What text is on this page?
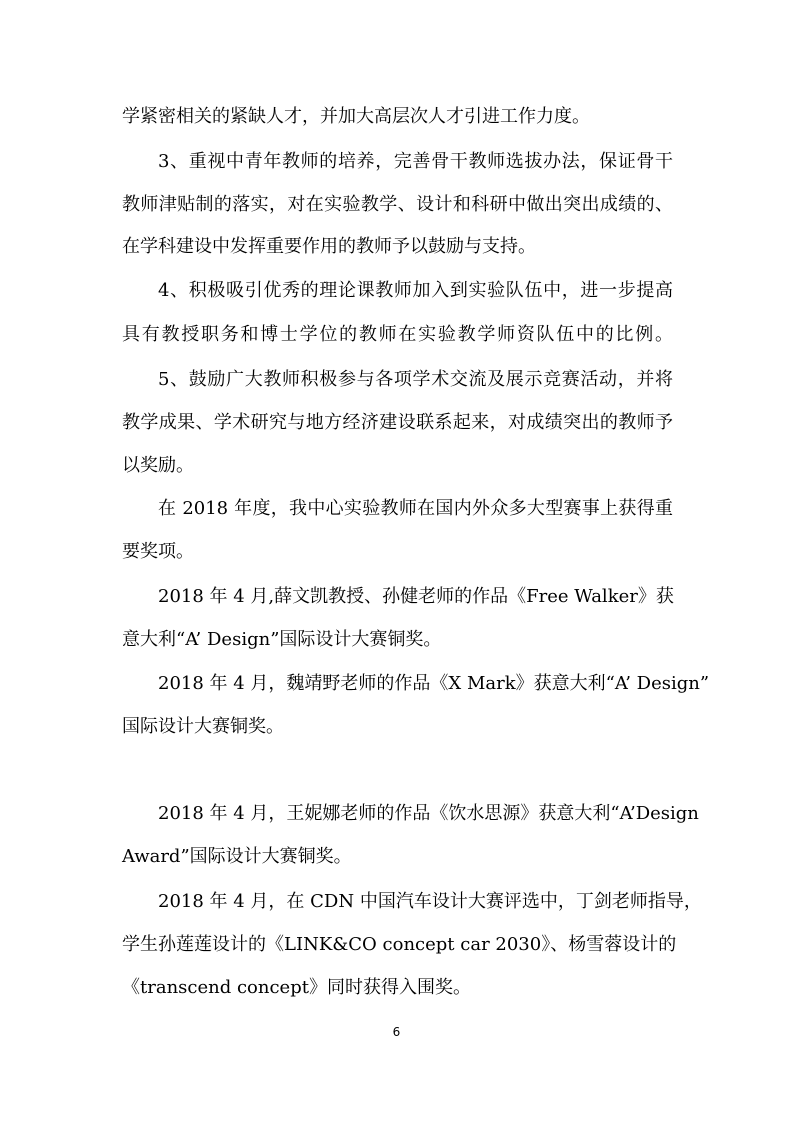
学紧密相关的紧缺人才，并加大高层次人才引进工作力度。
3、重视中青年教师的培养，完善骨干教师选拔办法，保证骨干
教师津贴制的落实，对在实验教学、设计和科研中做出突出成绩的、
在学科建设中发挥重要作用的教师予以鼓励与支持。
4、积极吸引优秀的理论课教师加入到实验队伍中，进一步提高
具有教授职务和博士学位的教师在实验教学师资队伍中的比例。
5、鼓励广大教师积极参与各项学术交流及展示竞赛活动，并将
教学成果、学术研究与地方经济建设联系起来，对成绩突出的教师予
以奖励。
在 2018 年度，我中心实验教师在国内外众多大型赛事上获得重
要奖项。
2018 年 4 月,薛文凯教授、孙健老师的作品《Free Walker》获
意大利“A’ Design”国际设计大赛铜奖。
2018 年 4 月，魏靖野老师的作品《X Mark》获意大利“A’ Design”
国际设计大赛铜奖。
2018 年 4 月，王妮娜老师的作品《饮水思源》获意大利“A’Design
Award”国际设计大赛铜奖。
2018 年 4 月，在 CDN 中国汽车设计大赛评选中，丁剑老师指导，
学生孙莲莲设计的《LINK&CO concept car 2030》、杨雪蓉设计的
《transcend concept》同时获得入围奖。
6
